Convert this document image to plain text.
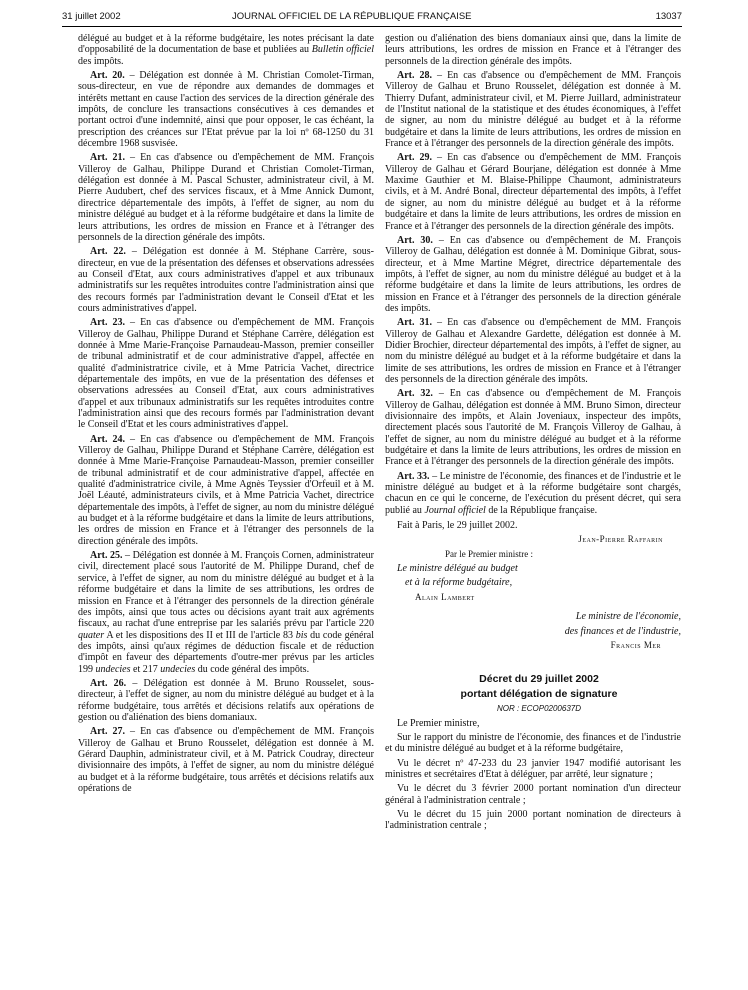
31 juillet 2002	JOURNAL OFFICIEL DE LA RÉPUBLIQUE FRANÇAISE	13037

délégué au budget et à la réforme budgétaire, les notes précisant la date d'opposabilité de la documentation de base et publiées au Bulletin officiel des impôts.

Art. 20. – Délégation est donnée à M. Christian Comolet-Tirman, sous-directeur, en vue de répondre aux demandes de dommages et intérêts mettant en cause l'action des services de la direction générale des impôts, de conclure les transactions consécutives à ces demandes et portant octroi d'une indemnité, ainsi que pour opposer, le cas échéant, la prescription des créances sur l'Etat prévue par la loi nº 68-1250 du 31 décembre 1968 susvisée.

Art. 21. – En cas d'absence ou d'empêchement de MM. François Villeroy de Galhau, Philippe Durand et Christian Comolet-Tirman, délégation est donnée à M. Pascal Schuster, administrateur civil, à M. Pierre Audubert, chef des services fiscaux, et à Mme Annick Dumont, directrice départementale des impôts, à l'effet de signer, au nom du ministre délégué au budget et à la réforme budgétaire et dans la limite de leurs attributions, les ordres de mission en France et à l'étranger des personnels de la direction générale des impôts.

Art. 22. – Délégation est donnée à M. Stéphane Carrère, sous-directeur, en vue de la présentation des défenses et observations adressées au Conseil d'Etat, aux cours administratives d'appel et aux tribunaux administratifs sur les requêtes introduites contre l'administration ainsi que des recours formés par l'administration devant le Conseil d'Etat et les cours administratives d'appel.

Art. 23. – En cas d'absence ou d'empêchement de MM. François Villeroy de Galhau, Philippe Durand et Stéphane Carrère, délégation est donnée à Mme Marie-Françoise Parnaudeau-Masson, premier conseiller de tribunal administratif et de cour administrative d'appel, affectée en qualité d'administratrice civile, et à Mme Patricia Vachet, directrice départementale des impôts, en vue de la présentation des défenses et observations adressées au Conseil d'Etat, aux cours administratives d'appel et aux tribunaux administratifs sur les requêtes introduites contre l'administration ainsi que des recours formés par l'administration devant le Conseil d'Etat et les cours administratives d'appel.

Art. 24. – En cas d'absence ou d'empêchement de MM. François Villeroy de Galhau, Philippe Durand et Stéphane Carrère, délégation est donnée à Mme Marie-Françoise Parnaudeau-Masson, premier conseiller de tribunal administratif et de cour administrative d'appel, affectée en qualité d'administratrice civile, à Mme Agnès Teyssier d'Orfeuil et à M. Joël Léauté, administrateurs civils, et à Mme Patricia Vachet, directrice départementale des impôts, à l'effet de signer, au nom du ministre délégué au budget et à la réforme budgétaire et dans la limite de leurs attributions, les ordres de mission en France et à l'étranger des personnels de la direction générale des impôts.

Art. 25. – Délégation est donnée à M. François Cornen, administrateur civil, directement placé sous l'autorité de M. Philippe Durand, chef de service, à l'effet de signer, au nom du ministre délégué au budget et à la réforme budgétaire et dans la limite de ses attributions, les ordres de mission en France et à l'étranger des personnels de la direction générale des impôts, ainsi que tous actes ou décisions ayant trait aux agréments fiscaux, au rachat d'une entreprise par les salariés prévu par l'article 220 quater A et les dispositions des II et III de l'article 83 bis du code général des impôts, ainsi qu'aux régimes de déduction fiscale et de réduction d'impôt en faveur des départements d'outre-mer prévus par les articles 199 undecies et 217 undecies du code général des impôts.

Art. 26. – Délégation est donnée à M. Bruno Rousselet, sous-directeur, à l'effet de signer, au nom du ministre délégué au budget et à la réforme budgétaire, tous arrêtés et décisions relatifs aux opérations de gestion ou d'aliénation des biens domaniaux.

Art. 27. – En cas d'absence ou d'empêchement de MM. François Villeroy de Galhau et Bruno Rousselet, délégation est donnée à M. Gérard Dauphin, administrateur civil, et à M. Patrick Coudray, directeur divisionnaire des impôts, à l'effet de signer, au nom du ministre délégué au budget et à la réforme budgétaire, tous arrêtés et décisions relatifs aux opérations de

gestion ou d'aliénation des biens domaniaux ainsi que, dans la limite de leurs attributions, les ordres de mission en France et à l'étranger des personnels de la direction générale des impôts.

Art. 28. – En cas d'absence ou d'empêchement de MM. François Villeroy de Galhau et Bruno Rousselet, délégation est donnée à M. Thierry Dufant, administrateur civil, et M. Pierre Juillard, administrateur de l'Institut national de la statistique et des études économiques, à l'effet de signer, au nom du ministre délégué au budget et à la réforme budgétaire et dans la limite de leurs attributions, les ordres de mission en France et à l'étranger des personnels de la direction générale des impôts.

Art. 29. – En cas d'absence ou d'empêchement de MM. François Villeroy de Galhau et Gérard Bourjane, délégation est donnée à Mme Maxime Gauthier et M. Blaise-Philippe Chaumont, administrateurs civils, et à M. André Bonal, directeur départemental des impôts, à l'effet de signer, au nom du ministre délégué au budget et à la réforme budgétaire et dans la limite de leurs attributions, les ordres de mission en France et à l'étranger des personnels de la direction générale des impôts.

Art. 30. – En cas d'absence ou d'empêchement de M. François Villeroy de Galhau, délégation est donnée à M. Dominique Gibrat, sous-directeur, et à Mme Martine Mégret, directrice départementale des impôts, à l'effet de signer, au nom du ministre délégué au budget et à la réforme budgétaire et dans la limite de leurs attributions, les ordres de mission en France et à l'étranger des personnels de la direction générale des impôts.

Art. 31. – En cas d'absence ou d'empêchement de MM. François Villeroy de Galhau et Alexandre Gardette, délégation est donnée à M. Didier Brochier, directeur départemental des impôts, à l'effet de signer, au nom du ministre délégué au budget et à la réforme budgétaire et dans la limite de ses attributions, les ordres de mission en France et à l'étranger des personnels de la direction générale des impôts.

Art. 32. – En cas d'absence ou d'empêchement de M. François Villeroy de Galhau, délégation est donnée à MM. Bruno Simon, directeur divisionnaire des impôts, et Alain Joveniaux, inspecteur des impôts, directement placés sous l'autorité de M. François Villeroy de Galhau, à l'effet de signer, au nom du ministre délégué au budget et à la réforme budgétaire et dans la limite de leurs attributions, les ordres de mission en France et à l'étranger des personnels de la direction générale des impôts.

Art. 33. – Le ministre de l'économie, des finances et de l'industrie et le ministre délégué au budget et à la réforme budgétaire sont chargés, chacun en ce qui le concerne, de l'exécution du présent décret, qui sera publié au Journal officiel de la République française.

Fait à Paris, le 29 juillet 2002.

Jean-Pierre Raffarin

Par le Premier ministre :

Le ministre délégué au budget

et à la réforme budgétaire,

Alain Lambert

Le ministre de l'économie,

des finances et de l'industrie,

Francis Mer

Décret du 29 juillet 2002

portant délégation de signature

NOR : ECOP0200637D

Le Premier ministre,

Sur le rapport du ministre de l'économie, des finances et de l'industrie et du ministre délégué au budget et à la réforme budgétaire,

Vu le décret nº 47-233 du 23 janvier 1947 modifié autorisant les ministres et secrétaires d'Etat à déléguer, par arrêté, leur signature ;

Vu le décret du 3 février 2000 portant nomination d'un directeur général à l'administration centrale ;

Vu le décret du 15 juin 2000 portant nomination de directeurs à l'administration centrale ;
